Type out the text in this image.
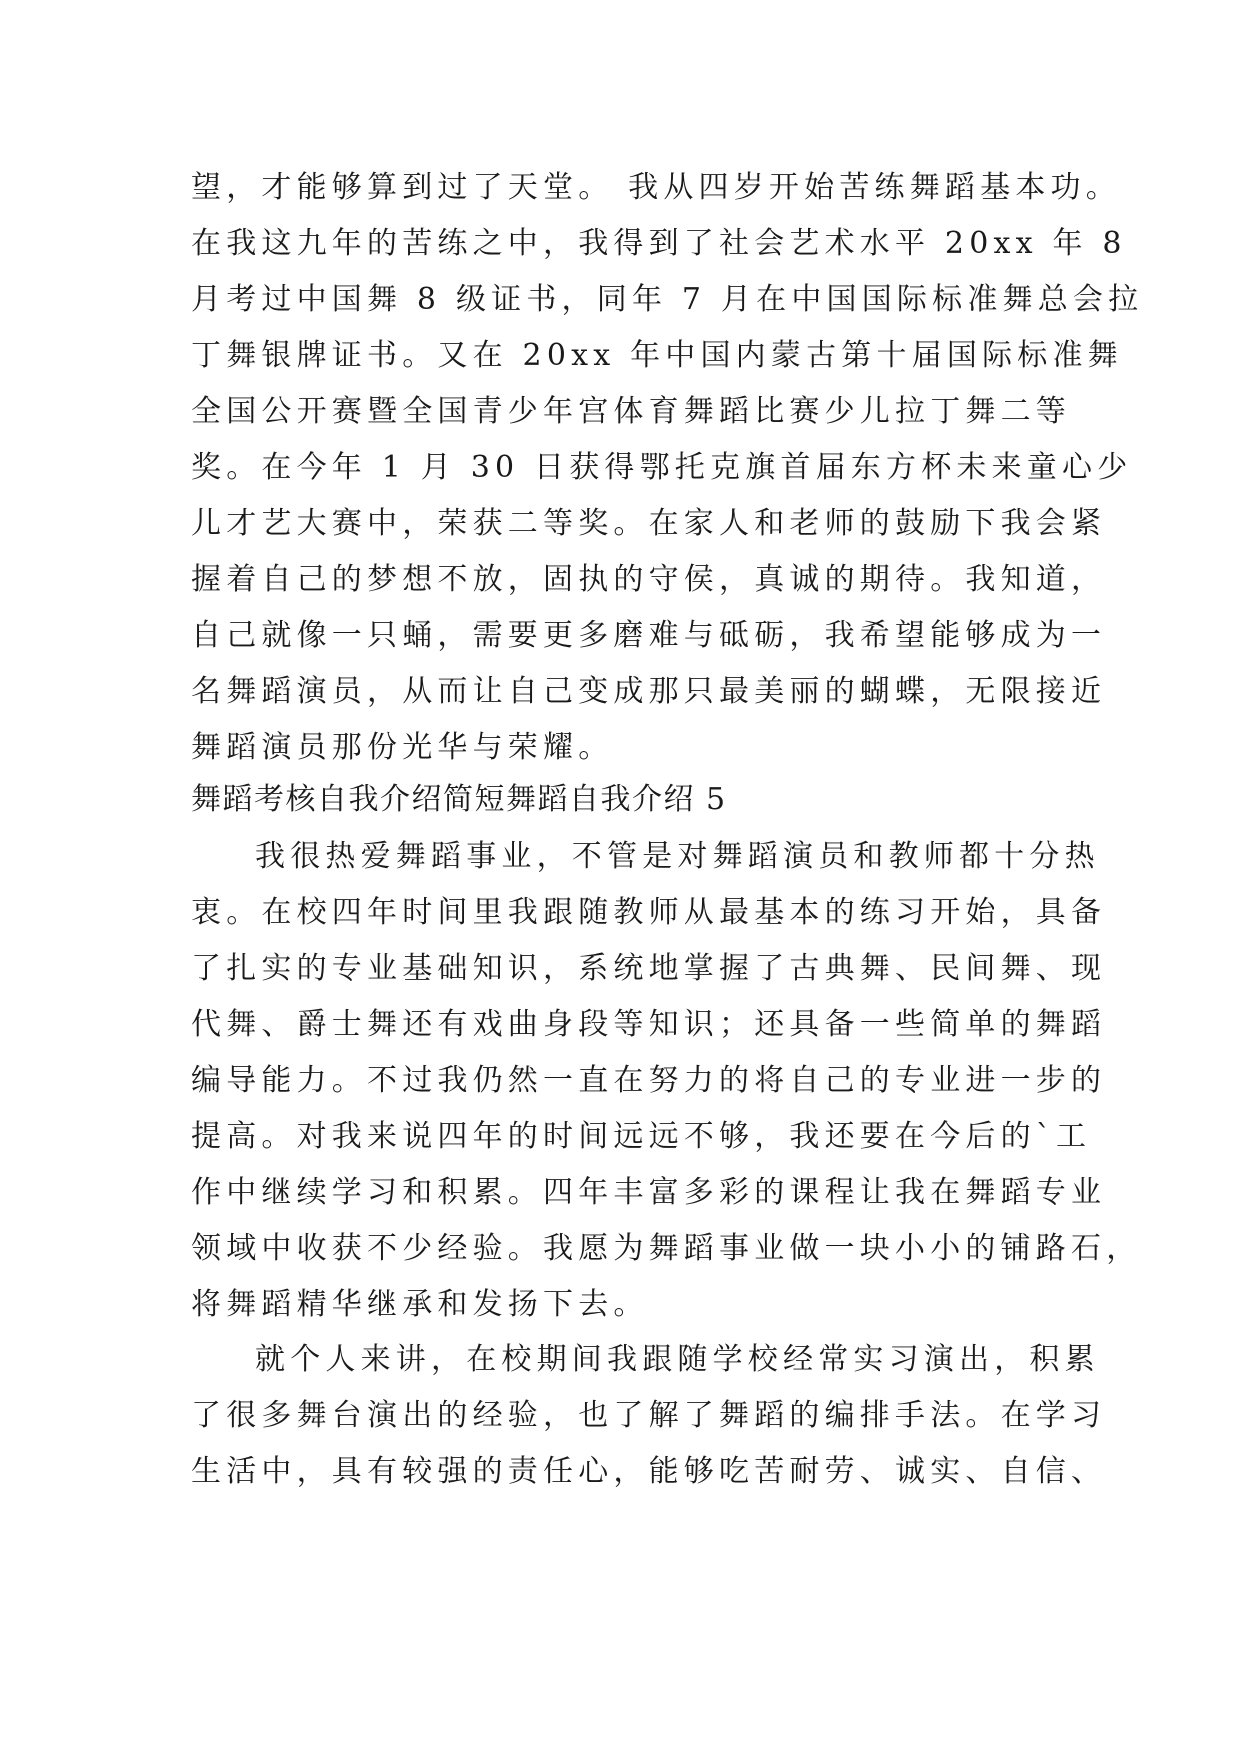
望，才能够算到过了天堂。 我从四岁开始苦练舞蹈基本功。
在我这九年的苦练之中，我得到了社会艺术水平 20xx 年 8
月考过中国舞 8 级证书，同年 7 月在中国国际标准舞总会拉
丁舞银牌证书。又在 20xx 年中国内蒙古第十届国际标准舞
全国公开赛暨全国青少年宫体育舞蹈比赛少儿拉丁舞二等
奖。在今年 1 月 30 日获得鄂托克旗首届东方杯未来童心少
儿才艺大赛中，荣获二等奖。在家人和老师的鼓励下我会紧
握着自己的梦想不放，固执的守侯，真诚的期待。我知道，
自己就像一只蛹，需要更多磨难与砥砺，我希望能够成为一
名舞蹈演员，从而让自己变成那只最美丽的蝴蝶，无限接近
舞蹈演员那份光华与荣耀。
舞蹈考核自我介绍简短舞蹈自我介绍 5
我很热爱舞蹈事业，不管是对舞蹈演员和教师都十分热
衷。在校四年时间里我跟随教师从最基本的练习开始，具备
了扎实的专业基础知识，系统地掌握了古典舞、民间舞、现
代舞、爵士舞还有戏曲身段等知识；还具备一些简单的舞蹈
编导能力。不过我仍然一直在努力的将自己的专业进一步的
提高。对我来说四年的时间远远不够，我还要在今后的`工
作中继续学习和积累。四年丰富多彩的课程让我在舞蹈专业
领域中收获不少经验。我愿为舞蹈事业做一块小小的铺路石，
将舞蹈精华继承和发扬下去。
就个人来讲，在校期间我跟随学校经常实习演出，积累
了很多舞台演出的经验，也了解了舞蹈的编排手法。在学习
生活中，具有较强的责任心，能够吃苦耐劳、诚实、自信、
